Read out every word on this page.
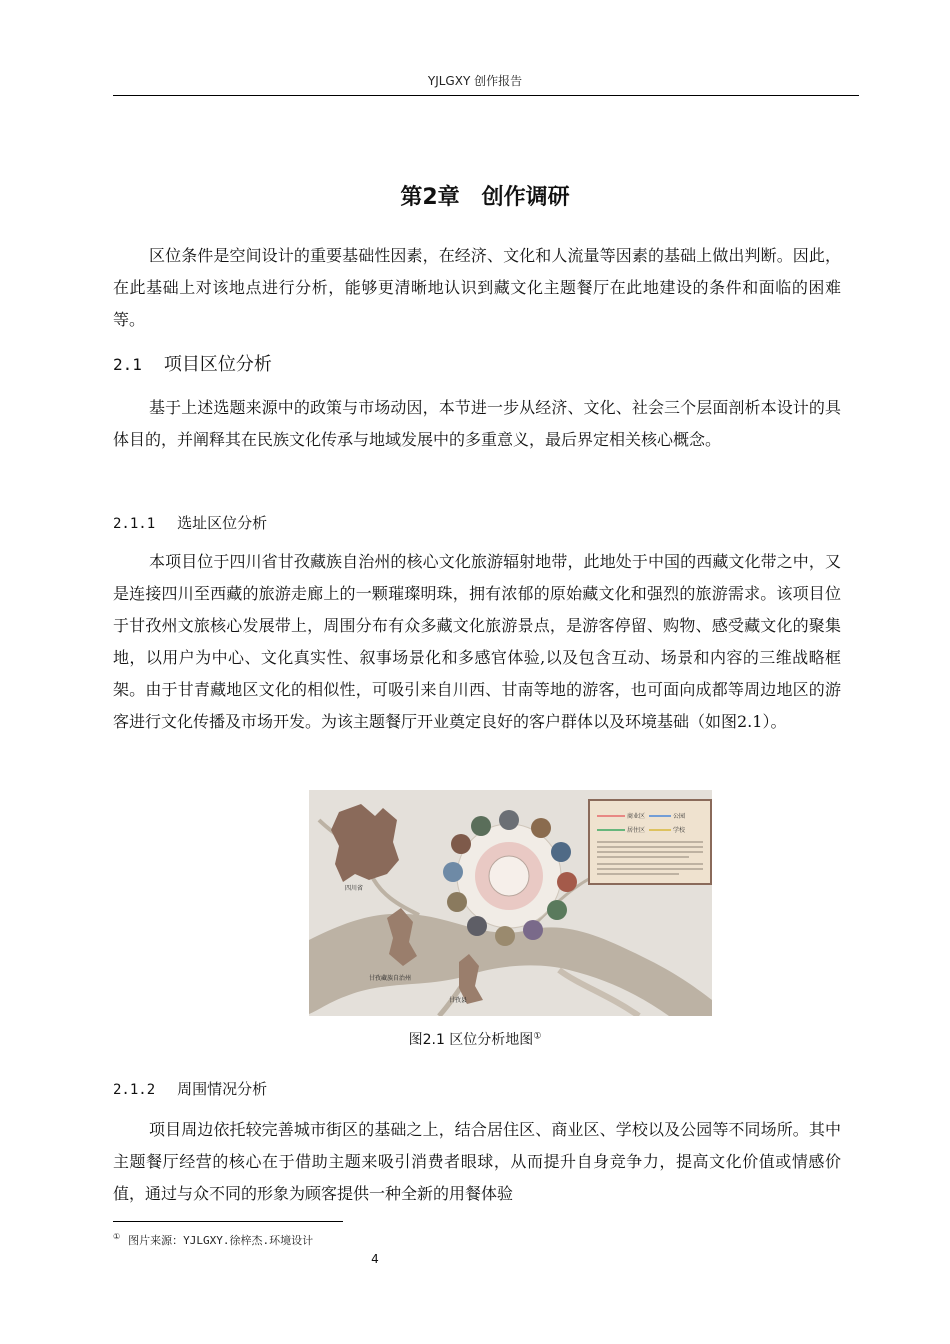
YJLGXY 创作报告
第2章　创作调研
区位条件是空间设计的重要基础性因素，在经济、文化和人流量等因素的基础上做出判断。因此，在此基础上对该地点进行分析，能够更清晰地认识到藏文化主题餐厅在此地建设的条件和面临的困难等。
2.1 项目区位分析
基于上述选题来源中的政策与市场动因，本节进一步从经济、文化、社会三个层面剖析本设计的具体目的，并阐释其在民族文化传承与地域发展中的多重意义，最后界定相关核心概念。
2.1.1 选址区位分析
本项目位于四川省甘孜藏族自治州的核心文化旅游辐射地带，此地处于中国的西藏文化带之中，又是连接四川至西藏的旅游走廊上的一颗璀璨明珠，拥有浓郁的原始藏文化和强烈的旅游需求。该项目位于甘孜州文旅核心发展带上，周围分布有众多藏文化旅游景点，是游客停留、购物、感受藏文化的聚集地，以用户为中心、文化真实性、叙事场景化和多感官体验,以及包含互动、场景和内容的三维战略框架。由于甘青藏地区文化的相似性，可吸引来自川西、甘南等地的游客，也可面向成都等周边地区的游客进行文化传播及市场开发。为该主题餐厅开业奠定良好的客户群体以及环境基础（如图2.1）。
商业区	公园
居住区	学校
四川省
甘孜藏族自治州
甘孜县
图2.1 区位分析地图①
2.1.2 周围情况分析
项目周边依托较完善城市街区的基础之上，结合居住区、商业区、学校以及公园等不同场所。其中主题餐厅经营的核心在于借助主题来吸引消费者眼球，从而提升自身竞争力，提高文化价值或情感价值，通过与众不同的形象为顾客提供一种全新的用餐体验
① 图片来源：YJLGXY.徐梓杰.环境设计
4
